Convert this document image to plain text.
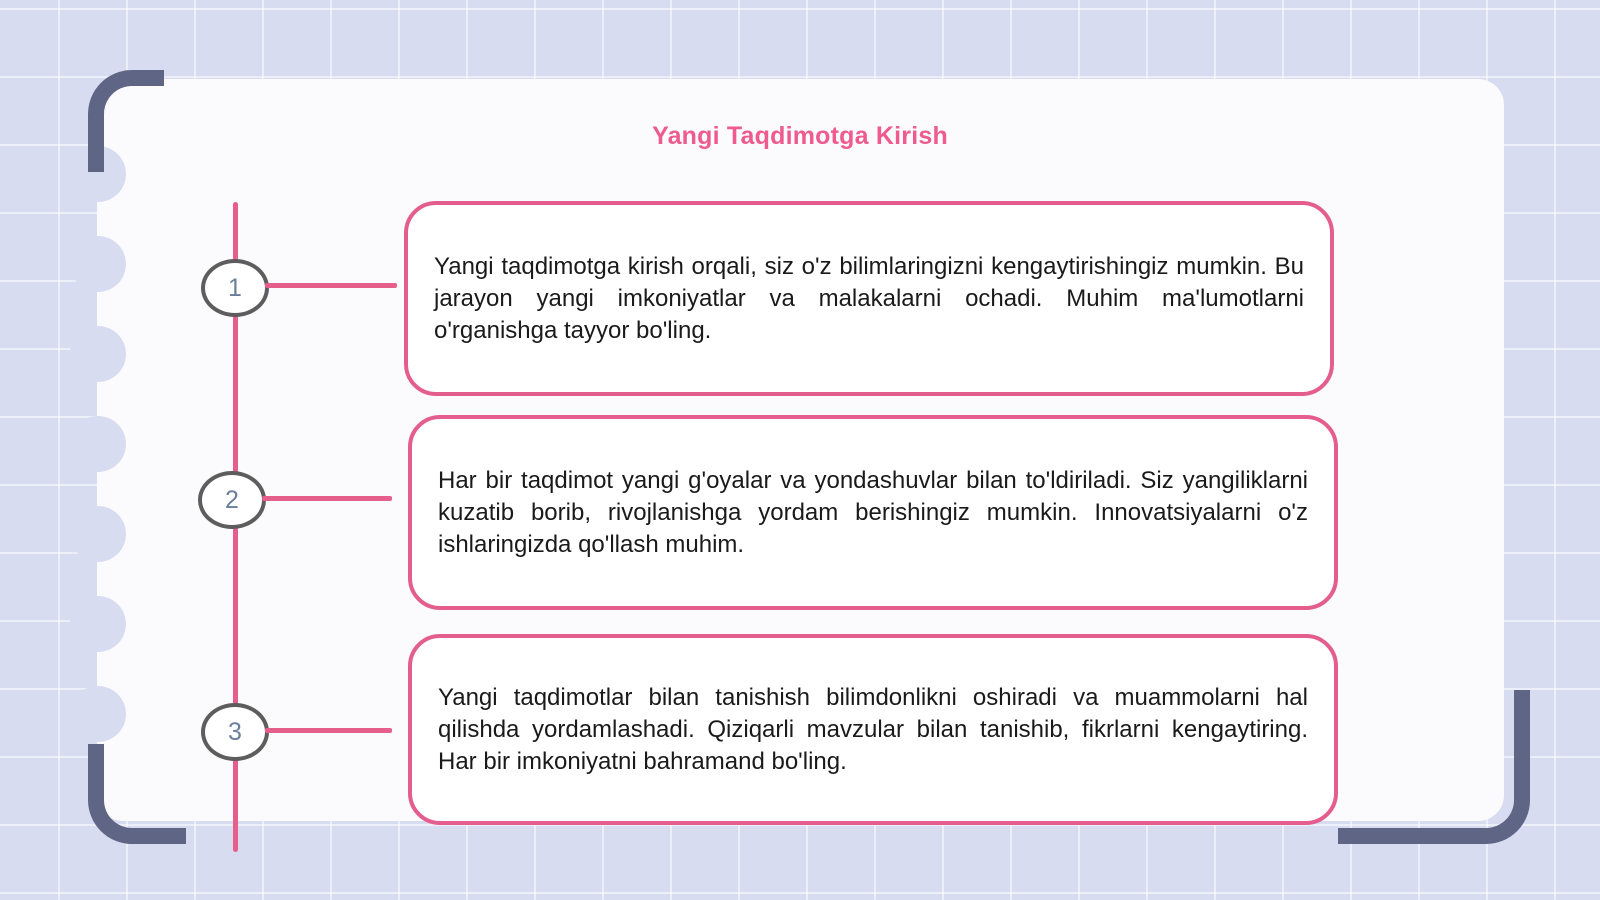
Yangi Taqdimotga Kirish
1

Yangi taqdimotga kirish orqali, siz o'z bilimlaringizni kengaytirishingiz mumkin. Bu jarayon yangi imkoniyatlar va malakalarni ochadi. Muhim ma'lumotlarni o'rganishga tayyor bo'ling.

2

Har bir taqdimot yangi g'oyalar va yondashuvlar bilan to'ldiriladi. Siz yangiliklarni kuzatib borib, rivojlanishga yordam berishingiz mumkin. Innovatsiyalarni o'z ishlaringizda qo'llash muhim.

3

Yangi taqdimotlar bilan tanishish bilimdonlikni oshiradi va muammolarni hal qilishda yordamlashadi. Qiziqarli mavzular bilan tanishib, fikrlarni kengaytiring. Har bir imkoniyatni bahramand bo'ling.
